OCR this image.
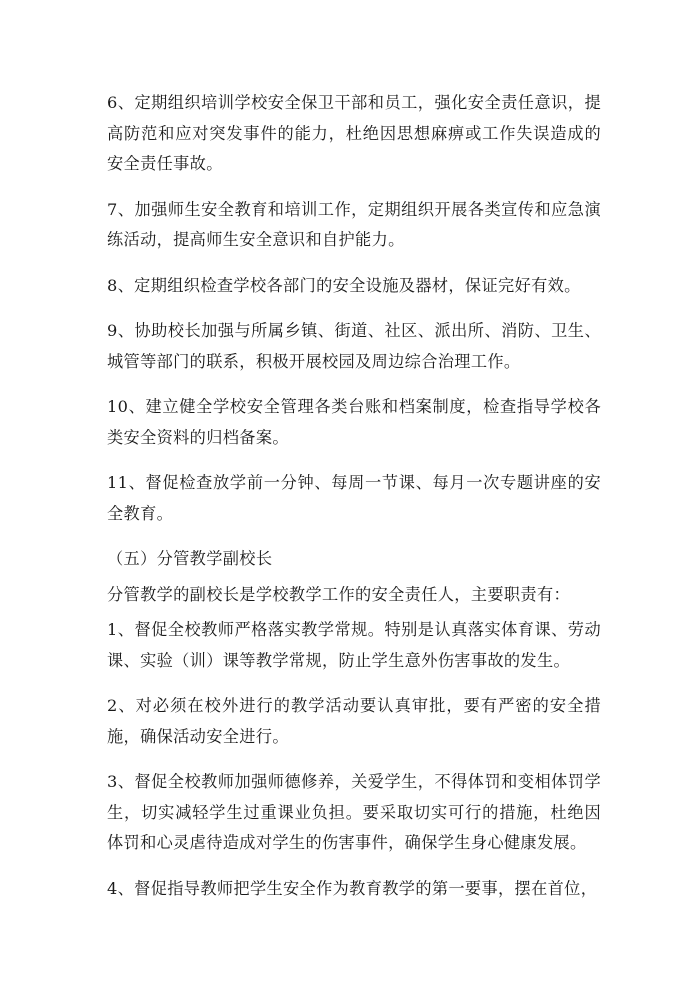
6、定期组织培训学校安全保卫干部和员工，强化安全责任意识，提高防范和应对突发事件的能力，杜绝因思想麻痹或工作失误造成的安全责任事故。

7、加强师生安全教育和培训工作，定期组织开展各类宣传和应急演练活动，提高师生安全意识和自护能力。

8、定期组织检查学校各部门的安全设施及器材，保证完好有效。

9、协助校长加强与所属乡镇、街道、社区、派出所、消防、卫生、城管等部门的联系，积极开展校园及周边综合治理工作。

10、建立健全学校安全管理各类台账和档案制度，检查指导学校各类安全资料的归档备案。

11、督促检查放学前一分钟、每周一节课、每月一次专题讲座的安全教育。

（五）分管教学副校长

分管教学的副校长是学校教学工作的安全责任人，主要职责有：

1、督促全校教师严格落实教学常规。特别是认真落实体育课、劳动课、实验（训）课等教学常规，防止学生意外伤害事故的发生。

2、对必须在校外进行的教学活动要认真审批，要有严密的安全措施，确保活动安全进行。

3、督促全校教师加强师德修养，关爱学生，不得体罚和变相体罚学生，切实减轻学生过重课业负担。要采取切实可行的措施，杜绝因体罚和心灵虐待造成对学生的伤害事件，确保学生身心健康发展。

4、督促指导教师把学生安全作为教育教学的第一要事，摆在首位，
